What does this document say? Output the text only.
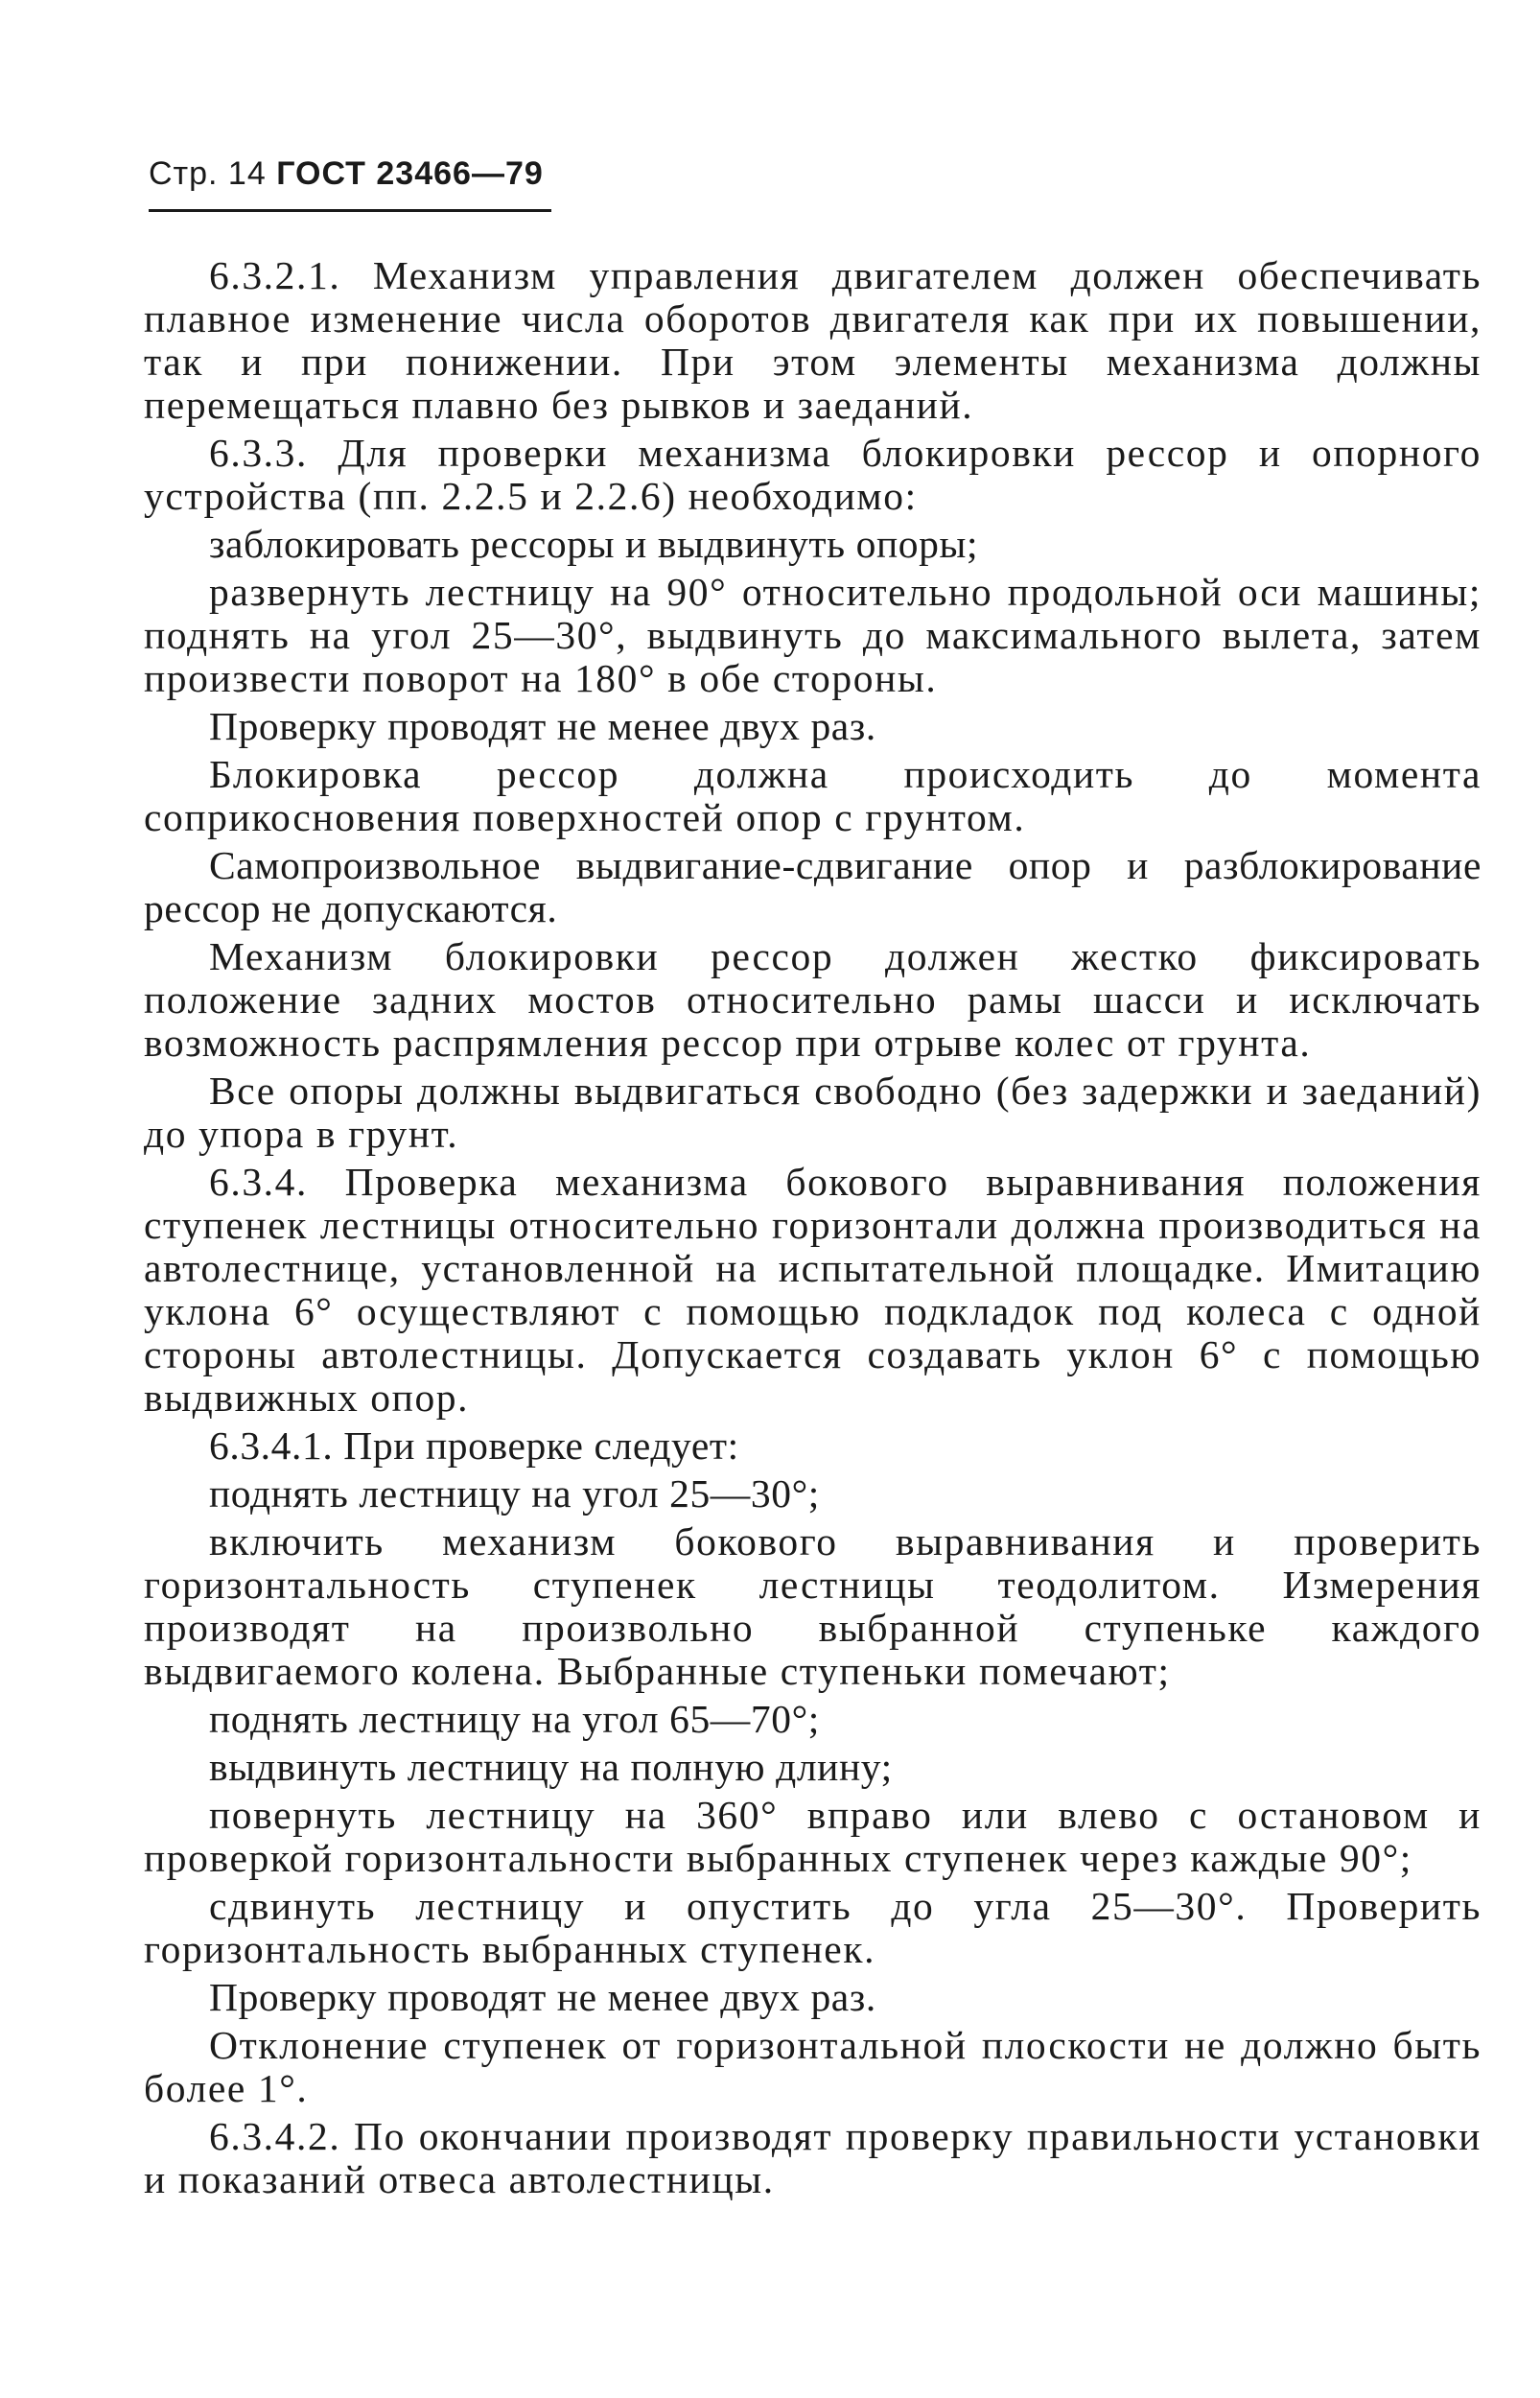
Стр. 14 ГОСТ 23466—79

6.3.2.1. Механизм управления двигателем должен обеспечивать плавное изменение числа оборотов двигателя как при их повышении, так и при понижении. При этом элементы механизма должны перемещаться плавно без рывков и заеданий.

6.3.3. Для проверки механизма блокировки рессор и опорного устройства (пп. 2.2.5 и 2.2.6) необходимо:

заблокировать рессоры и выдвинуть опоры;

развернуть лестницу на 90° относительно продольной оси машины; поднять на угол 25—30°, выдвинуть до максимального вылета, затем произвести поворот на 180° в обе стороны.

Проверку проводят не менее двух раз.

Блокировка рессор должна происходить до момента соприкосновения поверхностей опор с грунтом.

Самопроизвольное выдвигание-сдвигание опор и разблокирование рессор не допускаются.

Механизм блокировки рессор должен жестко фиксировать положение задних мостов относительно рамы шасси и исключать возможность распрямления рессор при отрыве колес от грунта.

Все опоры должны выдвигаться свободно (без задержки и заеданий) до упора в грунт.

6.3.4. Проверка механизма бокового выравнивания положения ступенек лестницы относительно горизонтали должна производиться на автолестнице, установленной на испытательной площадке. Имитацию уклона 6° осуществляют с помощью подкладок под колеса с одной стороны автолестницы. Допускается создавать уклон 6° с помощью выдвижных опор.

6.3.4.1. При проверке следует:

поднять лестницу на угол 25—30°;

включить механизм бокового выравнивания и проверить горизонтальность ступенек лестницы теодолитом. Измерения производят на произвольно выбранной ступеньке каждого выдвигаемого колена. Выбранные ступеньки помечают;

поднять лестницу на угол 65—70°;

выдвинуть лестницу на полную длину;

повернуть лестницу на 360° вправо или влево с остановом и проверкой горизонтальности выбранных ступенек через каждые 90°;

сдвинуть лестницу и опустить до угла 25—30°. Проверить горизонтальность выбранных ступенек.

Проверку проводят не менее двух раз.

Отклонение ступенек от горизонтальной плоскости не должно быть более 1°.

6.3.4.2. По окончании производят проверку правильности установки и показаний отвеса автолестницы.
